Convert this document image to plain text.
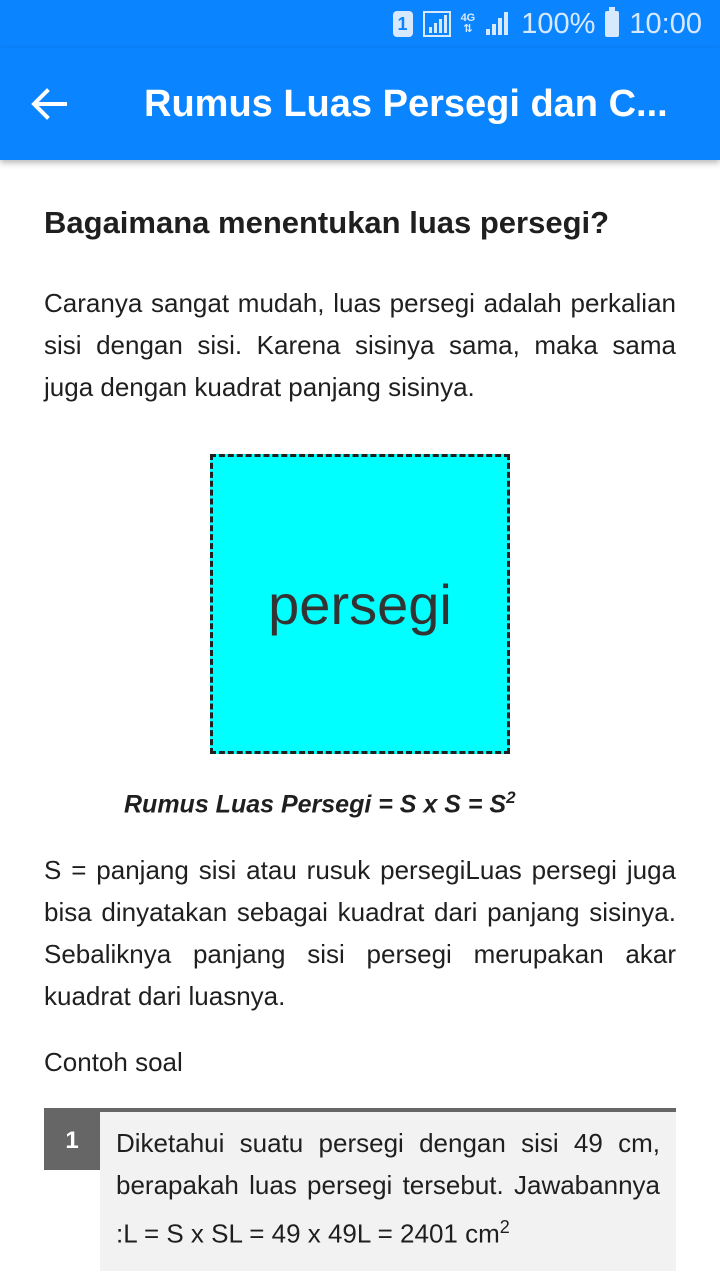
1	4G
⇅ 100% 10:00
Rumus Luas Persegi dan C...
Bagaimana menentukan luas persegi?

Caranya sangat mudah, luas persegi adalah perkalian sisi dengan sisi. Karena sisinya sama, maka sama juga dengan kuadrat panjang sisinya.

persegi
Rumus Luas Persegi = S x $S = S^2$

S = panjang sisi atau rusuk persegiLuas persegi juga bisa dinyatakan sebagai kuadrat dari panjang sisinya. Sebaliknya panjang sisi persegi merupakan akar kuadrat dari luasnya.

Contoh soal
1	Diketahui suatu persegi dengan sisi 49 cm, berapakah luas persegi tersebut. Jawabannya :L = S x SL = 49 x 49L = 2401 $cm^2$
